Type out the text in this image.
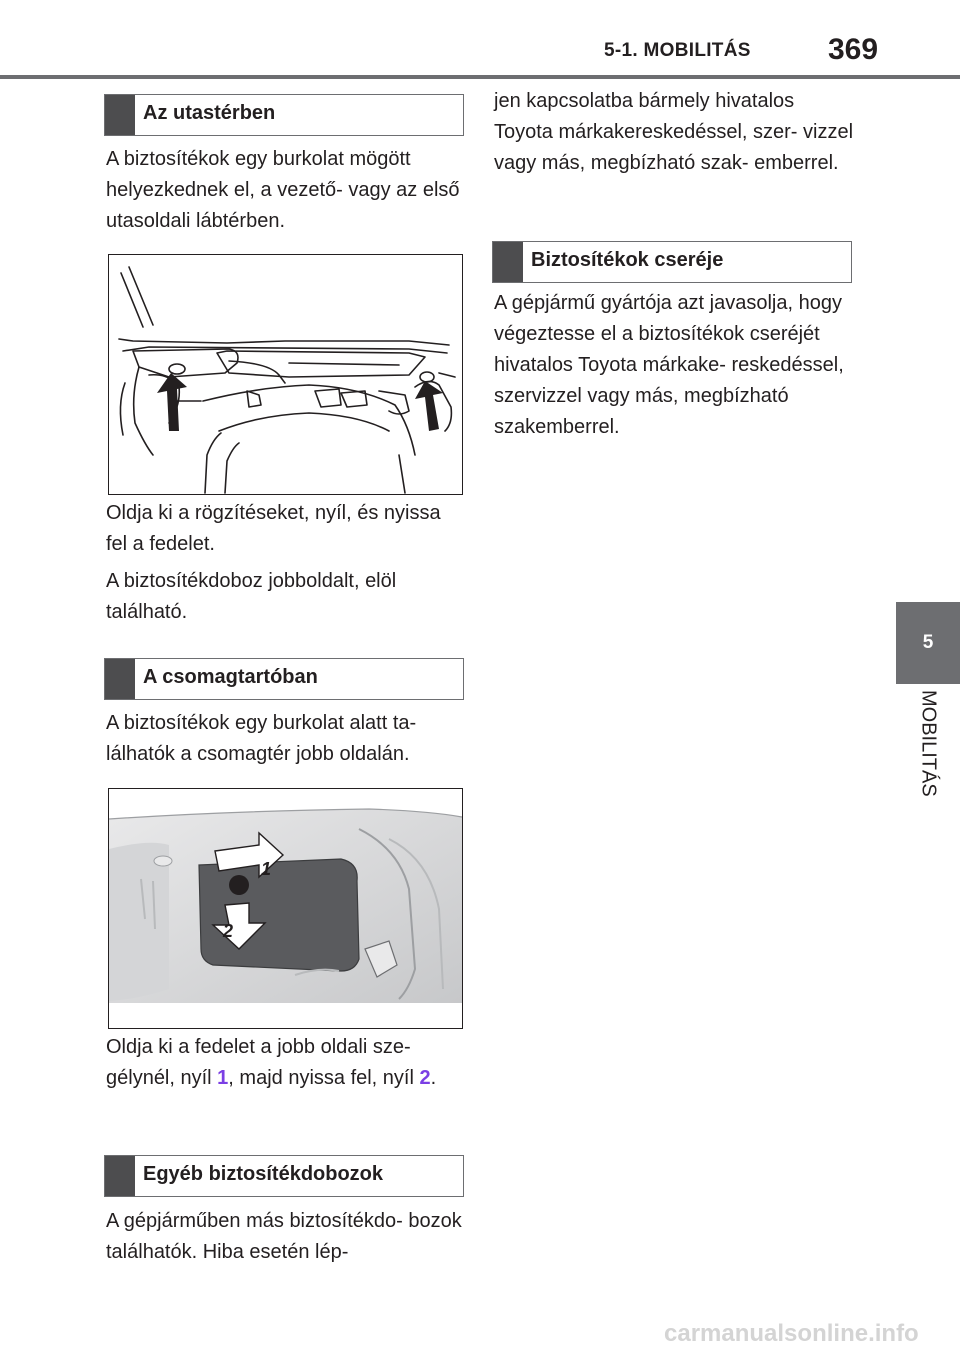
5-1. MOBILITÁS	369
5
MOBILITÁS
Az utastérben
A biztosítékok egy burkolat mögött helyezkednek el, a vezető- vagy az első utasoldali lábtérben.
Oldja ki a rögzítéseket, nyíl, és nyissa fel a fedelet.
A biztosítékdoboz jobboldalt, elöl található.
A csomagtartóban
A biztosítékok egy burkolat alatt ta- lálhatók a csomagtér jobb oldalán.
1
2
Oldja ki a fedelet a jobb oldali sze- gélynél, nyíl 1, majd nyissa fel, nyíl 2.
Egyéb biztosítékdobozok
A gépjárműben más biztosítékdo- bozok találhatók. Hiba esetén lép-
jen kapcsolatba bármely hivatalos Toyota márkakereskedéssel, szer- vizzel vagy más, megbízható szak- emberrel.
Biztosítékok cseréje
A gépjármű gyártója azt javasolja, hogy végeztesse el a biztosítékok cseréjét hivatalos Toyota márkake- reskedéssel, szervizzel vagy más, megbízható szakemberrel.
carmanualsonline.info
